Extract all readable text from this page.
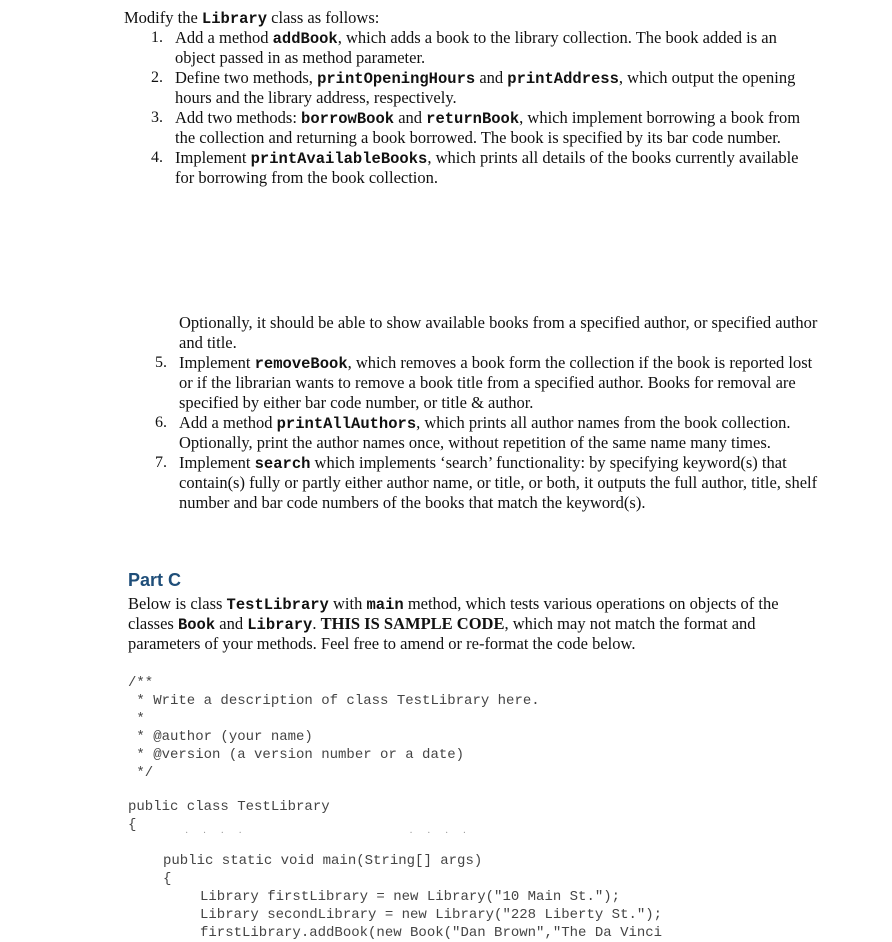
Modify the Library class as follows:
1. Add a method addBook, which adds a book to the library collection. The book added is an
object passed in as method parameter.
2. Define two methods, printOpeningHours and printAddress, which output the opening
hours and the library address, respectively.
3. Add two methods: borrowBook and returnBook, which implement borrowing a book from
the collection and returning a book borrowed. The book is specified by its bar code number.
4. Implement printAvailableBooks, which prints all details of the books currently available
for borrowing from the book collection.
Optionally, it should be able to show available books from a specified author, or specified author
and title.
5. Implement removeBook, which removes a book form the collection if the book is reported lost
or if the librarian wants to remove a book title from a specified author. Books for removal are
specified by either bar code number, or title & author.
6. Add a method printAllAuthors, which prints all author names from the book collection.
Optionally, print the author names once, without repetition of the same name many times.
7. Implement search which implements ‘search’ functionality: by specifying keyword(s) that
contain(s) fully or partly either author name, or title, or both, it outputs the full author, title, shelf
number and bar code numbers of the books that match the keyword(s).
Part C
Below is class TestLibrary with main method, which tests various operations on objects of the
classes Book and Library. THIS IS SAMPLE CODE, which may not match the format and
parameters of your methods. Feel free to amend or re-format the code below.
/**
* Write a description of class TestLibrary here.
*
* @author (your name)
* @version (a version number or a date)
*/
public class TestLibrary
{
· · · ·                   · · · ·
public static void main(String[] args)
{
Library firstLibrary = new Library("10 Main St.");
Library secondLibrary = new Library("228 Liberty St.");
firstLibrary.addBook(new Book("Dan Brown","The Da Vinci
